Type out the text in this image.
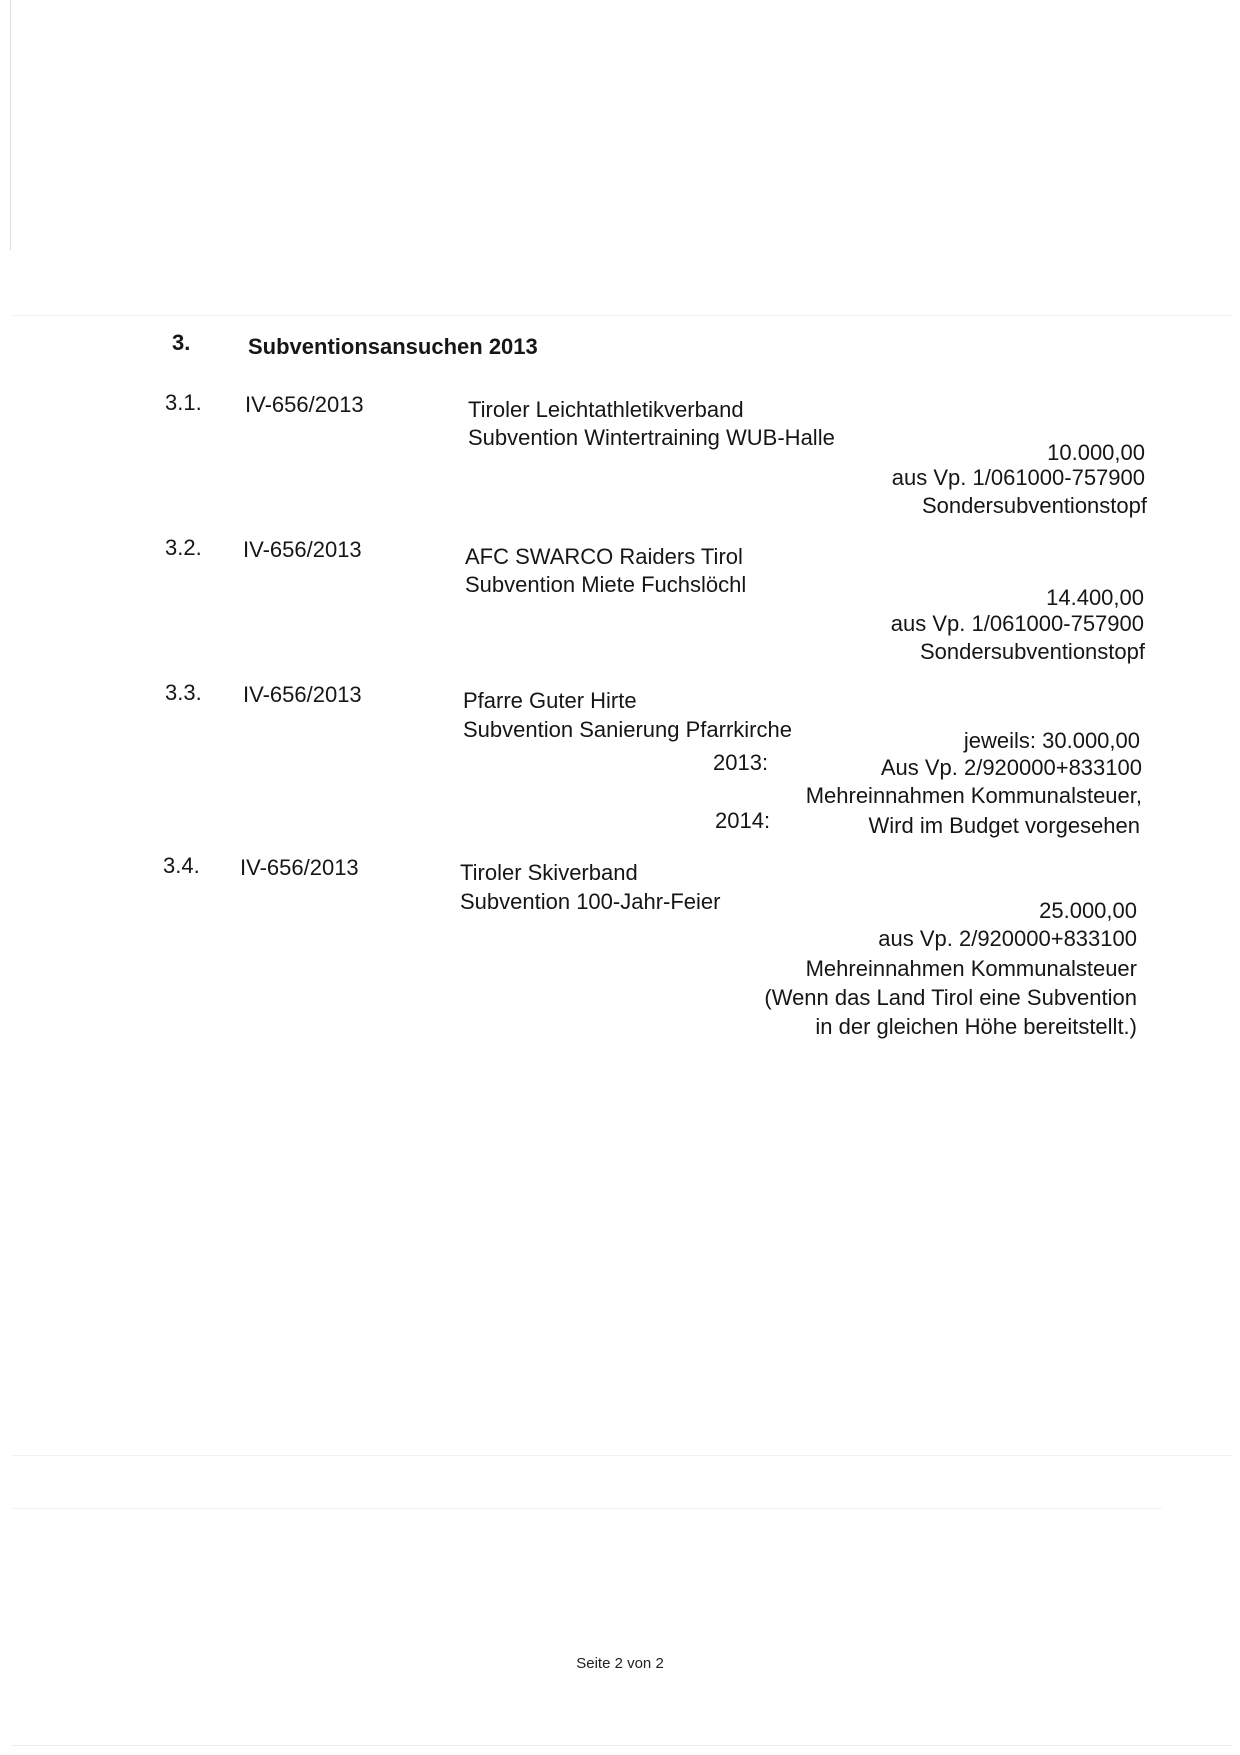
3.	Subventionsansuchen 2013
3.1. IV-656/2013	Tiroler Leichtathletikverband
Subvention Wintertraining WUB-Halle
10.000,00
aus Vp. 1/061000-757900
Sondersubventionstopf
3.2. IV-656/2013	AFC SWARCO Raiders Tirol
Subvention Miete Fuchslöchl
14.400,00
aus Vp. 1/061000-757900
Sondersubventionstopf
3.3. IV-656/2013	Pfarre Guter Hirte
Subvention Sanierung Pfarrkirche	jeweils: 30.000,00
2013:	Aus Vp. 2/920000+833100
Mehreinnahmen Kommunalsteuer,
2014:	Wird im Budget vorgesehen
3.4. IV-656/2013	Tiroler Skiverband
Subvention 100-Jahr-Feier	25.000,00
aus Vp. 2/920000+833100
Mehreinnahmen Kommunalsteuer
(Wenn das Land Tirol eine Subvention
in der gleichen Höhe bereitstellt.)
Seite 2 von 2
